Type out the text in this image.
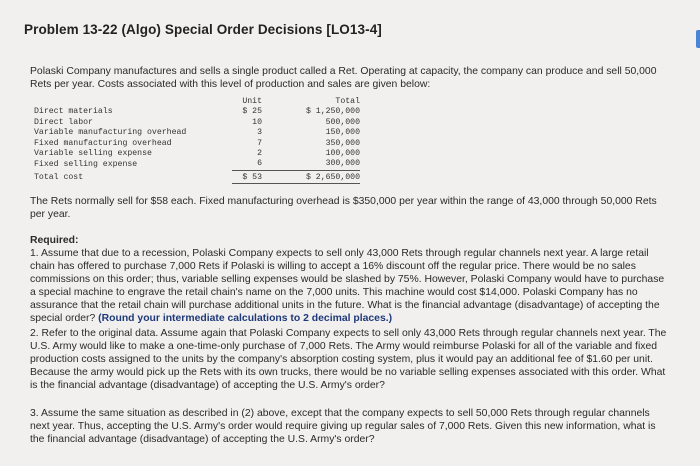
Problem 13-22 (Algo) Special Order Decisions [LO13-4]
Polaski Company manufactures and sells a single product called a Ret. Operating at capacity, the company can produce and sell 50,000 Rets per year. Costs associated with this level of production and sales are given below:
	Unit	Total
Direct materials	$ 25	$ 1,250,000
Direct labor	10	500,000
Variable manufacturing overhead	3	150,000
Fixed manufacturing overhead	7	350,000
Variable selling expense	2	100,000
Fixed selling expense	6	300,000
Total cost	$ 53	$ 2,650,000
The Rets normally sell for $58 each. Fixed manufacturing overhead is $350,000 per year within the range of 43,000 through 50,000 Rets per year.
Required:
1. Assume that due to a recession, Polaski Company expects to sell only 43,000 Rets through regular channels next year. A large retail chain has offered to purchase 7,000 Rets if Polaski is willing to accept a 16% discount off the regular price. There would be no sales commissions on this order; thus, variable selling expenses would be slashed by 75%. However, Polaski Company would have to purchase a special machine to engrave the retail chain's name on the 7,000 units. This machine would cost $14,000. Polaski Company has no assurance that the retail chain will purchase additional units in the future. What is the financial advantage (disadvantage) of accepting the special order? (Round your intermediate calculations to 2 decimal places.)
2. Refer to the original data. Assume again that Polaski Company expects to sell only 43,000 Rets through regular channels next year. The U.S. Army would like to make a one-time-only purchase of 7,000 Rets. The Army would reimburse Polaski for all of the variable and fixed production costs assigned to the units by the company's absorption costing system, plus it would pay an additional fee of $1.60 per unit. Because the army would pick up the Rets with its own trucks, there would be no variable selling expenses associated with this order. What is the financial advantage (disadvantage) of accepting the U.S. Army's order?
3. Assume the same situation as described in (2) above, except that the company expects to sell 50,000 Rets through regular channels next year. Thus, accepting the U.S. Army's order would require giving up regular sales of 7,000 Rets. Given this new information, what is the financial advantage (disadvantage) of accepting the U.S. Army's order?
